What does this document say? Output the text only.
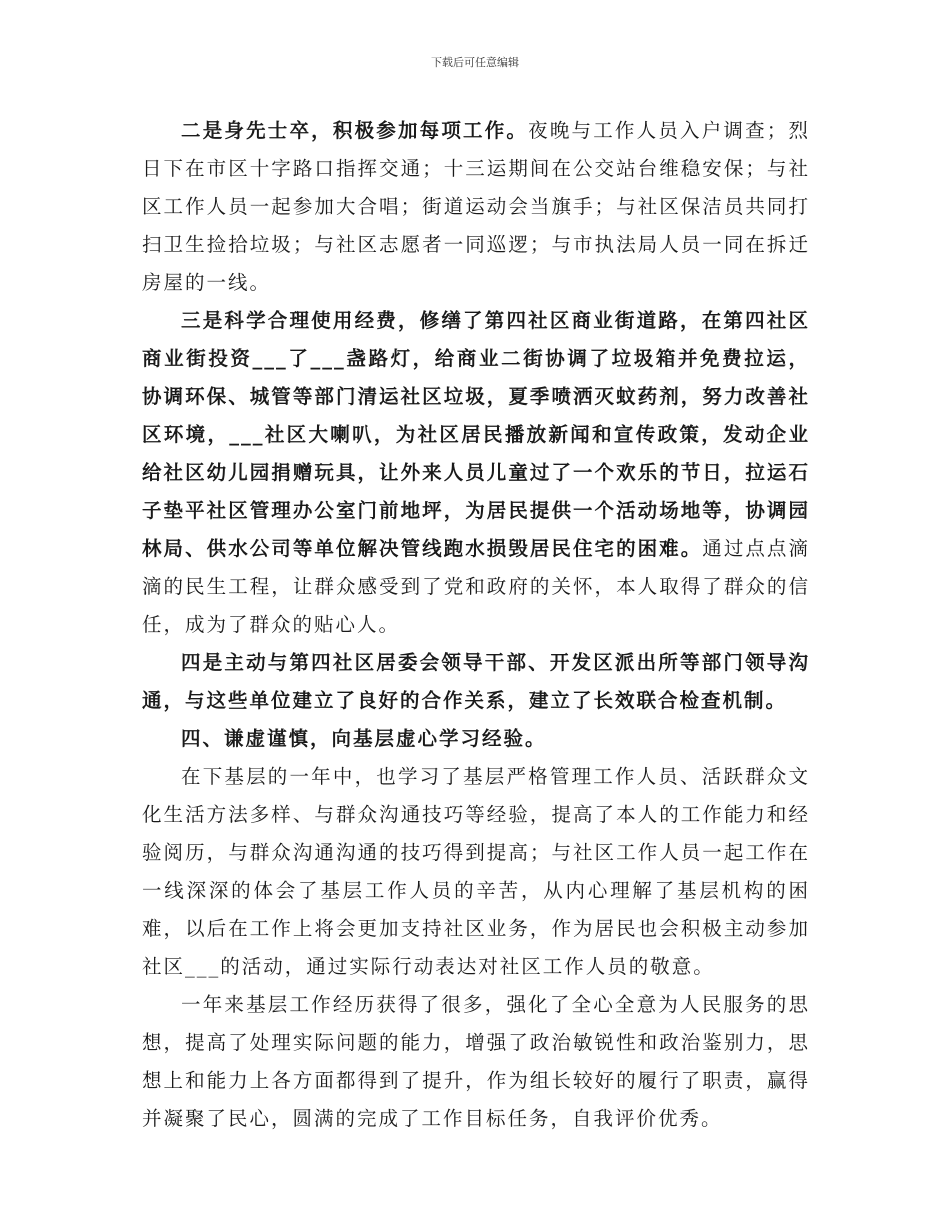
下载后可任意编辑

二是身先士卒，积极参加每项工作。夜晚与工作人员入户调查；烈日下在市区十字路口指挥交通；十三运期间在公交站台维稳安保；与社区工作人员一起参加大合唱；街道运动会当旗手；与社区保洁员共同打扫卫生捡拾垃圾；与社区志愿者一同巡逻；与市执法局人员一同在拆迁房屋的一线。

三是科学合理使用经费，修缮了第四社区商业街道路，在第四社区商业街投资___了___盏路灯，给商业二街协调了垃圾箱并免费拉运，协调环保、城管等部门清运社区垃圾，夏季喷洒灭蚊药剂，努力改善社区环境，___社区大喇叭，为社区居民播放新闻和宣传政策，发动企业给社区幼儿园捐赠玩具，让外来人员儿童过了一个欢乐的节日，拉运石子垫平社区管理办公室门前地坪，为居民提供一个活动场地等，协调园林局、供水公司等单位解决管线跑水损毁居民住宅的困难。通过点点滴滴的民生工程，让群众感受到了党和政府的关怀，本人取得了群众的信任，成为了群众的贴心人。

四是主动与第四社区居委会领导干部、开发区派出所等部门领导沟通，与这些单位建立了良好的合作关系，建立了长效联合检查机制。

四、谦虚谨慎，向基层虚心学习经验。

在下基层的一年中，也学习了基层严格管理工作人员、活跃群众文化生活方法多样、与群众沟通技巧等经验，提高了本人的工作能力和经验阅历，与群众沟通沟通的技巧得到提高；与社区工作人员一起工作在一线深深的体会了基层工作人员的辛苦，从内心理解了基层机构的困难，以后在工作上将会更加支持社区业务，作为居民也会积极主动参加社区___的活动，通过实际行动表达对社区工作人员的敬意。

一年来基层工作经历获得了很多，强化了全心全意为人民服务的思想，提高了处理实际问题的能力，增强了政治敏锐性和政治鉴别力，思想上和能力上各方面都得到了提升，作为组长较好的履行了职责，赢得并凝聚了民心，圆满的完成了工作目标任务，自我评价优秀。
